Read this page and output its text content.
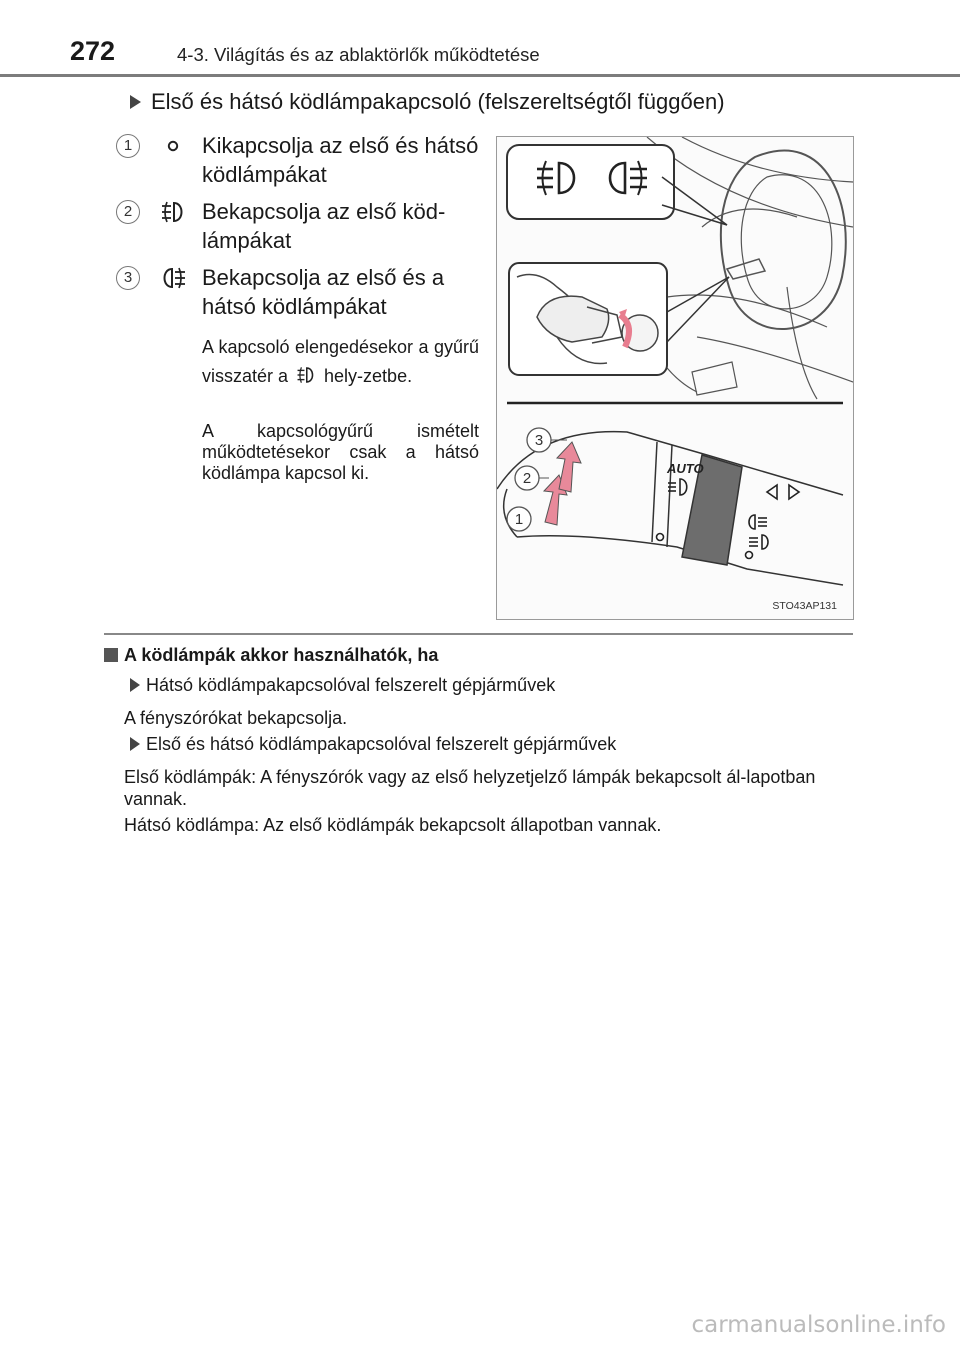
272	4-3. Világítás és az ablaktörlők működtetése
Első és hátsó ködlámpakapcsoló (felszereltségtől függően)
1	Kikapcsolja az első és hátsó ködlámpákat
2	Bekapcsolja az első köd-lámpákat
3	Bekapcsolja az első és a hátsó ködlámpákat
A kapcsoló elengedésekor a gyűrű visszatér a hely-zetbe.
A kapcsológyűrű ismételt működtetésekor csak a hátsó ködlámpa kapcsol ki.	AUTO
3
2
1
STO43AP131
A ködlámpák akkor használhatók, ha
Hátsó ködlámpakapcsolóval felszerelt gépjárművek
A fényszórókat bekapcsolja.
Első és hátsó ködlámpakapcsolóval felszerelt gépjárművek
Első ködlámpák: A fényszórók vagy az első helyzetjelző lámpák bekapcsolt ál-lapotban vannak.
Hátsó ködlámpa: Az első ködlámpák bekapcsolt állapotban vannak.
carmanualsonline.info
